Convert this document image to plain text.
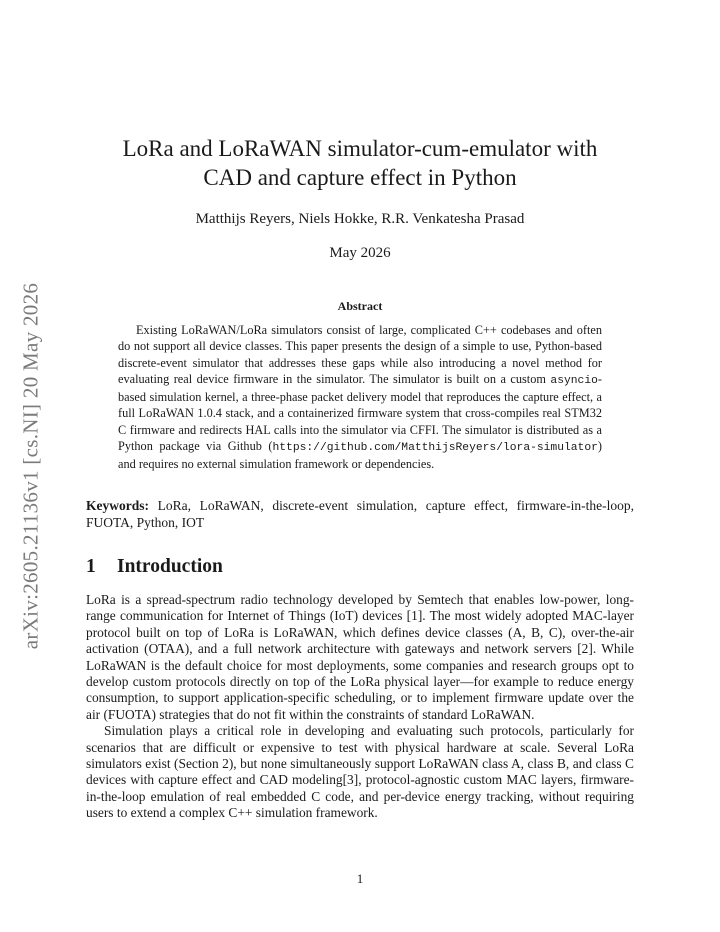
arXiv:2605.21136v1 [cs.NI] 20 May 2026
LoRa and LoRaWAN simulator-cum-emulator with
CAD and capture effect in Python
Matthijs Reyers, Niels Hokke, R.R. Venkatesha Prasad
May 2026
Abstract
Existing LoRaWAN/LoRa simulators consist of large, complicated C++ codebases and often do not support all device classes. This paper presents the design of a simple to use, Python-based discrete-event simulator that addresses these gaps while also introducing a novel method for evaluating real device firmware in the simulator. The simulator is built on a custom asyncio-based simulation kernel, a three-phase packet delivery model that reproduces the capture effect, a full LoRaWAN 1.0.4 stack, and a containerized firmware system that cross-compiles real STM32 C firmware and redirects HAL calls into the simulator via CFFI. The simulator is distributed as a Python package via Github (https://github.com/MatthijsReyers/lora-simulator) and requires no external simulation framework or dependencies.
Keywords: LoRa, LoRaWAN, discrete-event simulation, capture effect, firmware-in-the-loop, FUOTA, Python, IOT
1 Introduction

LoRa is a spread-spectrum radio technology developed by Semtech that enables low-power, long-range communication for Internet of Things (IoT) devices [1]. The most widely adopted MAC-layer protocol built on top of LoRa is LoRaWAN, which defines device classes (A, B, C), over-the-air activation (OTAA), and a full network architecture with gateways and network servers [2]. While LoRaWAN is the default choice for most deployments, some companies and research groups opt to develop custom protocols directly on top of the LoRa physical layer—for example to reduce energy consumption, to support application-specific scheduling, or to implement firmware update over the air (FUOTA) strategies that do not fit within the constraints of standard LoRaWAN.

Simulation plays a critical role in developing and evaluating such protocols, particularly for scenarios that are difficult or expensive to test with physical hardware at scale. Several LoRa simulators exist (Section 2), but none simultaneously support LoRaWAN class A, class B, and class C devices with capture effect and CAD modeling[3], protocol-agnostic custom MAC layers, firmware-in-the-loop emulation of real embedded C code, and per-device energy tracking, without requiring users to extend a complex C++ simulation framework.

1
